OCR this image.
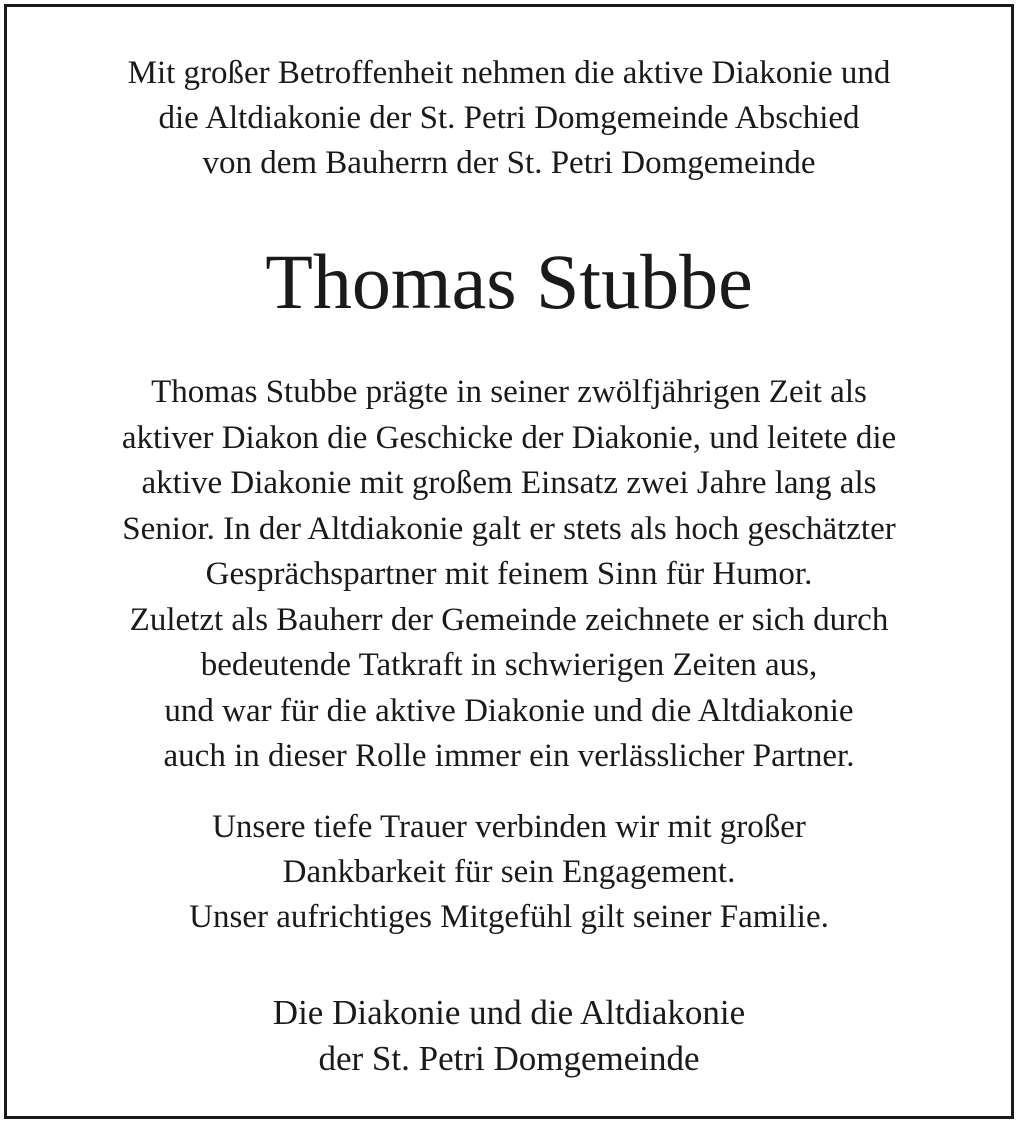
Mit großer Betroffenheit nehmen die aktive Diakonie und
die Altdiakonie der St. Petri Domgemeinde Abschied
von dem Bauherrn der St. Petri Domgemeinde
Thomas Stubbe
Thomas Stubbe prägte in seiner zwölfjährigen Zeit als
aktiver Diakon die Geschicke der Diakonie, und leitete die
aktive Diakonie mit großem Einsatz zwei Jahre lang als
Senior. In der Altdiakonie galt er stets als hoch geschätzter
Gesprächspartner mit feinem Sinn für Humor.
Zuletzt als Bauherr der Gemeinde zeichnete er sich durch
bedeutende Tatkraft in schwierigen Zeiten aus,
und war für die aktive Diakonie und die Altdiakonie
auch in dieser Rolle immer ein verlässlicher Partner.
Unsere tiefe Trauer verbinden wir mit großer
Dankbarkeit für sein Engagement.
Unser aufrichtiges Mitgefühl gilt seiner Familie.
Die Diakonie und die Altdiakonie
der St. Petri Domgemeinde
